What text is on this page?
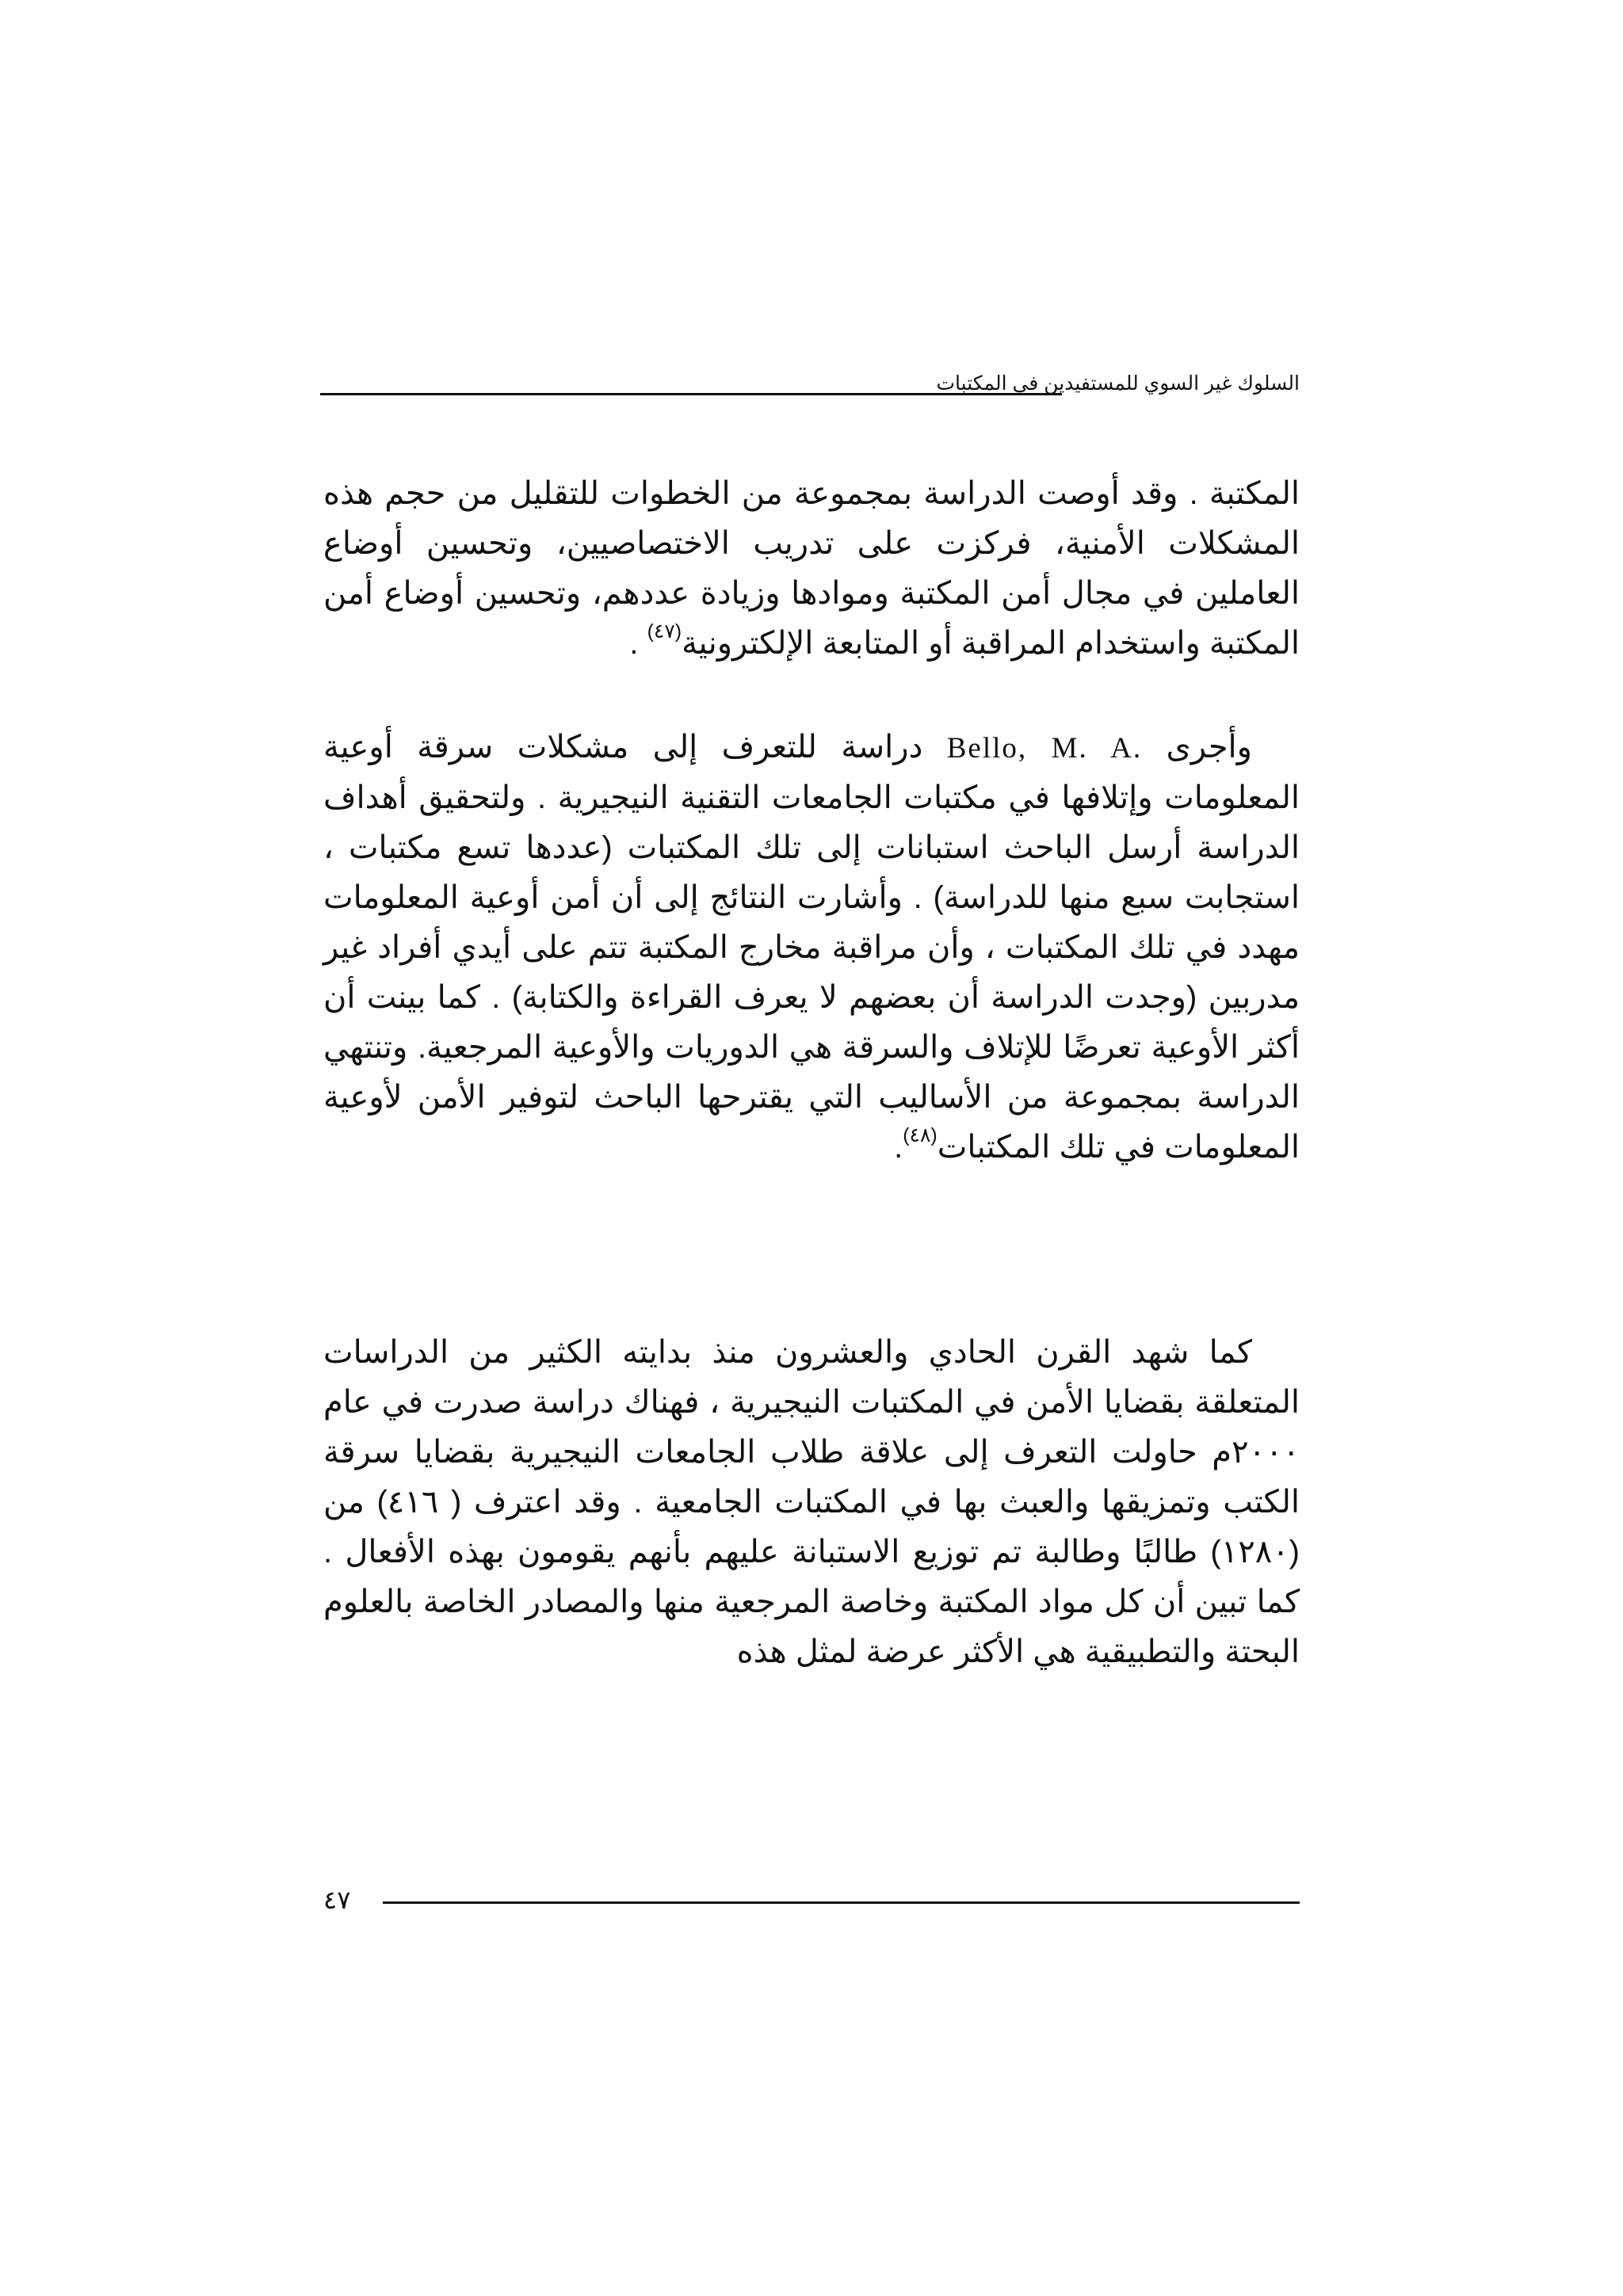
السلوك غير السوي للمستفيدين في المكتبات

المكتبة . وقد أوصت الدراسة بمجموعة من الخطوات للتقليل من حجم هذه المشكلات الأمنية، فركزت على تدريب الاختصاصيين، وتحسين أوضاع العاملين في مجال أمن المكتبة وموادها وزيادة عددهم، وتحسين أوضاع أمن المكتبة واستخدام المراقبة أو المتابعة الإلكترونية$^{(٤٧)}$ .

وأجرى Bello, M. A. دراسة للتعرف إلى مشكلات سرقة أوعية المعلومات وإتلافها في مكتبات الجامعات التقنية النيجيرية . ولتحقيق أهداف الدراسة أرسل الباحث استبانات إلى تلك المكتبات (عددها تسع مكتبات ، استجابت سبع منها للدراسة) . وأشارت النتائج إلى أن أمن أوعية المعلومات مهدد في تلك المكتبات ، وأن مراقبة مخارج المكتبة تتم على أيدي أفراد غير مدربين (وجدت الدراسة أن بعضهم لا يعرف القراءة والكتابة) . كما بينت أن أكثر الأوعية تعرضًا للإتلاف والسرقة هي الدوريات والأوعية المرجعية. وتنتهي الدراسة بمجموعة من الأساليب التي يقترحها الباحث لتوفير الأمن لأوعية المعلومات في تلك المكتبات$^{(٤٨)}$.

كما شهد القرن الحادي والعشرون منذ بدايته الكثير من الدراسات المتعلقة بقضايا الأمن في المكتبات النيجيرية ، فهناك دراسة صدرت في عام ٢٠٠٠م حاولت التعرف إلى علاقة طلاب الجامعات النيجيرية بقضايا سرقة الكتب وتمزيقها والعبث بها في المكتبات الجامعية . وقد اعترف ( ٤١٦) من (١٢٨٠) طالبًا وطالبة تم توزيع الاستبانة عليهم بأنهم يقومون بهذه الأفعال . كما تبين أن كل مواد المكتبة وخاصة المرجعية منها والمصادر الخاصة بالعلوم البحتة والتطبيقية هي الأكثر عرضة لمثل هذه

٤٧
